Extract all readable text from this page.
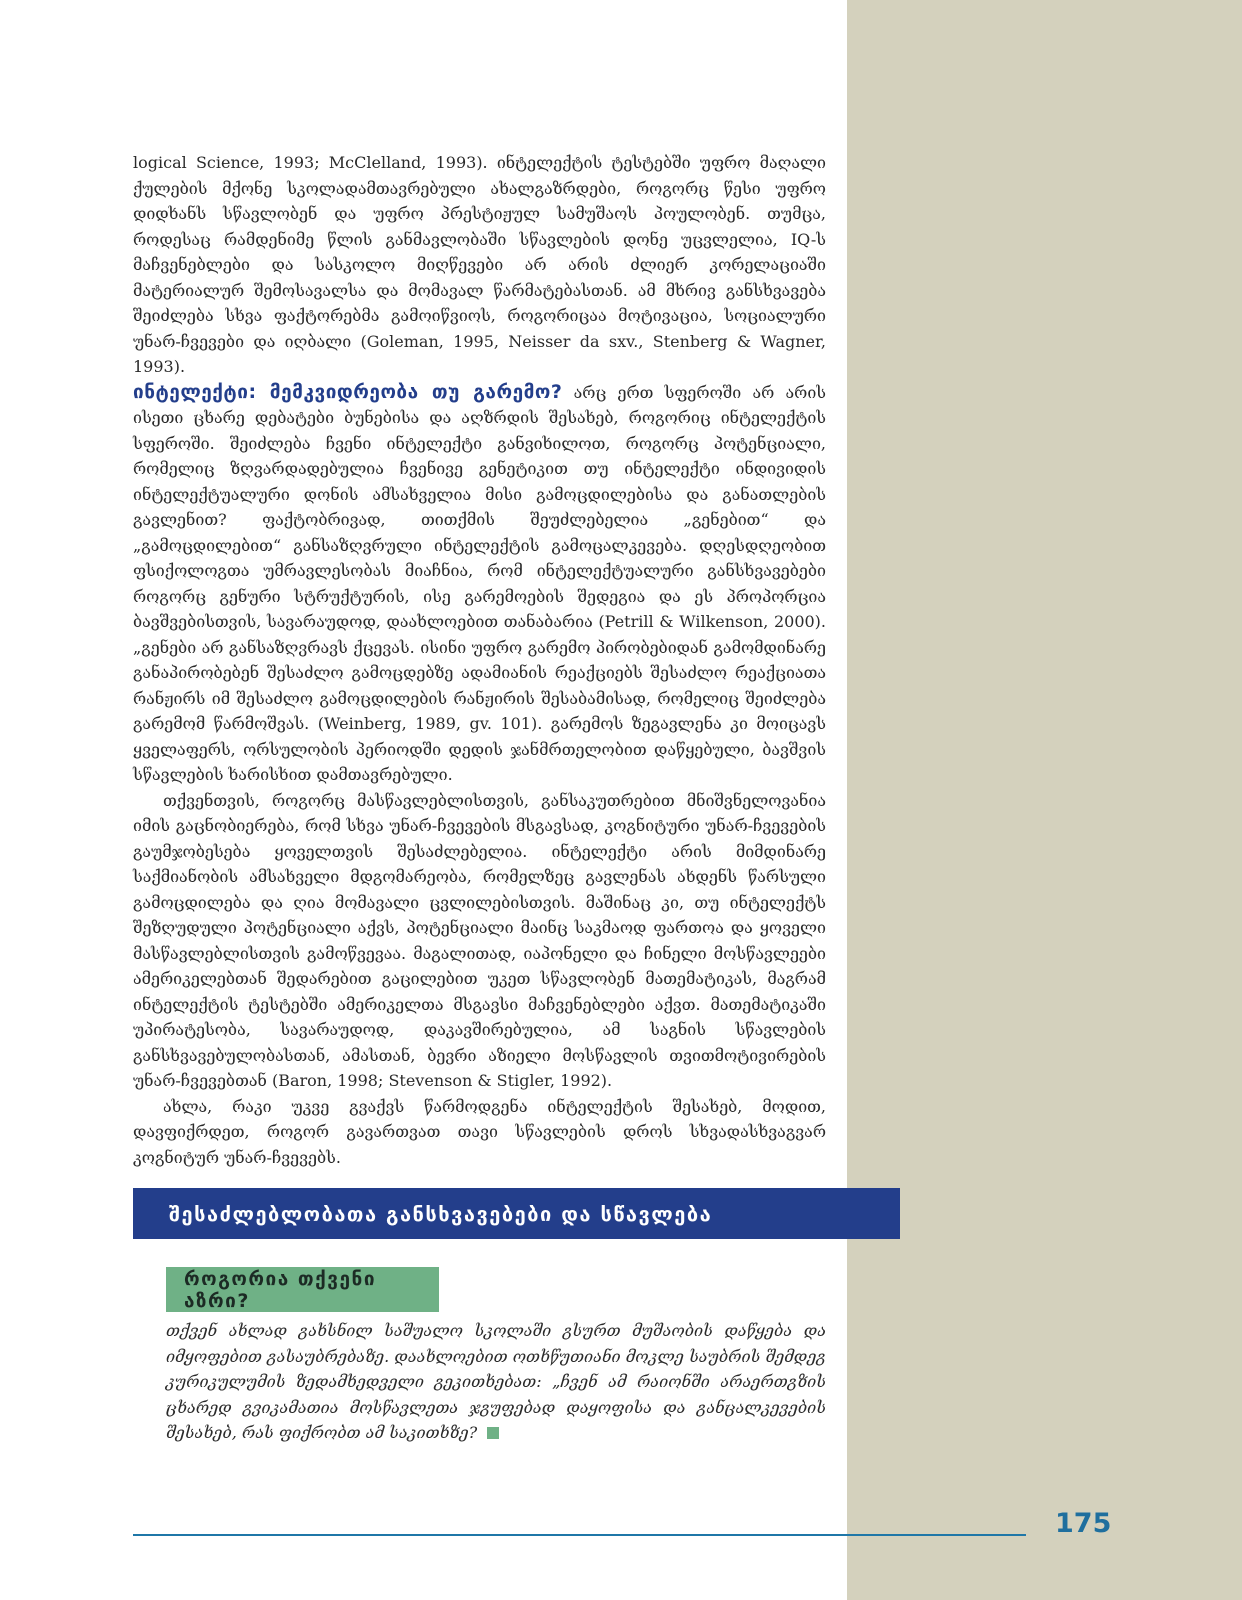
logical Science, 1993; McClelland, 1993). ინტელექტის ტესტებში უფრო მაღალი ქულების მქონე სკოლადამთავრებული ახალგაზრდები, როგორც წესი უფრო დიდხანს სწავლობენ და უფრო პრესტიჟულ სამუშაოს პოულობენ. თუმცა, როდესაც რამდენიმე წლის განმავლობაში სწავლების დონე უცვლელია, IQ-ს მაჩვენებლები და სასკოლო მიღწევები არ არის ძლიერ კორელაციაში მატერიალურ შემოსავალსა და მომავალ წარმატებასთან. ამ მხრივ განსხვავება შეიძლება სხვა ფაქტორებმა გამოიწვიოს, როგორიცაა მოტივაცია, სოციალური უნარ-ჩვევები და იღბალი (Goleman, 1995, Neisser da sxv., Stenberg & Wagner, 1993).

ინტელექტი: მემკვიდრეობა თუ გარემო? არც ერთ სფეროში არ არის ისეთი ცხარე დებატები ბუნებისა და აღზრდის შესახებ, როგორიც ინტელექტის სფეროში. შეიძლება ჩვენი ინტელექტი განვიხილოთ, როგორც პოტენციალი, რომელიც ზღვარდადებულია ჩვენივე გენეტიკით თუ ინტელექტი ინდივიდის ინტელექტუალური დონის ამსახველია მისი გამოცდილებისა და განათლების გავლენით? ფაქტობრივად, თითქმის შეუძლებელია „გენებით“ და „გამოცდილებით“ განსაზღვრული ინტელექტის გამოცალკევება. დღესდღეობით ფსიქოლოგთა უმრავლესობას მიაჩნია, რომ ინტელექტუალური განსხვავებები როგორც გენური სტრუქტურის, ისე გარემოების შედეგია და ეს პროპორცია ბავშვებისთვის, სავარაუდოდ, დაახლოებით თანაბარია (Petrill & Wilkenson, 2000). „გენები არ განსაზღვრავს ქცევას. ისინი უფრო გარემო პირობებიდან გამომდინარე განაპირობებენ შესაძლო გამოცდებზე ადამიანის რეაქციებს შესაძლო რეაქციათა რანჟირს იმ შესაძლო გამოცდილების რანჟირის შესაბამისად, რომელიც შეიძლება გარემომ წარმოშვას. (Weinberg, 1989, gv. 101). გარემოს ზეგავლენა კი მოიცავს ყველაფერს, ორსულობის პერიოდში დედის ჯანმრთელობით დაწყებული, ბავშვის სწავლების ხარისხით დამთავრებული.

თქვენთვის, როგორც მასწავლებლისთვის, განსაკუთრებით მნიშვნელოვანია იმის გაცნობიერება, რომ სხვა უნარ-ჩვევების მსგავსად, კოგნიტური უნარ-ჩვევების გაუმჯობესება ყოველთვის შესაძლებელია. ინტელექტი არის მიმდინარე საქმიანობის ამსახველი მდგომარეობა, რომელზეც გავლენას ახდენს წარსული გამოცდილება და ღია მომავალი ცვლილებისთვის. მაშინაც კი, თუ ინტელექტს შეზღუდული პოტენციალი აქვს, პოტენციალი მაინც საკმაოდ ფართოა და ყოველი მასწავლებლისთვის გამოწვევაა. მაგალითად, იაპონელი და ჩინელი მოსწავლეები ამერიკელებთან შედარებით გაცილებით უკეთ სწავლობენ მათემატიკას, მაგრამ ინტელექტის ტესტებში ამერიკელთა მსგავსი მაჩვენებლები აქვთ. მათემატიკაში უპირატესობა, სავარაუდოდ, დაკავშირებულია, ამ საგნის სწავლების განსხვავებულობასთან, ამასთან, ბევრი აზიელი მოსწავლის თვითმოტივირების უნარ-ჩვევებთან (Baron, 1998; Stevenson & Stigler, 1992).

ახლა, რაკი უკვე გვაქვს წარმოდგენა ინტელექტის შესახებ, მოდით, დავფიქრდეთ, როგორ გავართვათ თავი სწავლების დროს სხვადასხვაგვარ კოგნიტურ უნარ-ჩვევებს.

შესაძლებლობათა განსხვავებები და სწავლება
როგორია თქვენი აზრი?

თქვენ ახლად გახსნილ საშუალო სკოლაში გსურთ მუშაობის დაწყება და იმყოფებით გასაუბრებაზე. დაახლოებით ოთხწუთიანი მოკლე საუბრის შემდეგ კურიკულუმის ზედამხედველი გეკითხებათ: „ჩვენ ამ რაიონში არაერთგზის ცხარედ გვიკამათია მოსწავლეთა ჯგუფებად დაყოფისა და განცალკევების შესახებ, რას ფიქრობთ ამ საკითხზე?

175
